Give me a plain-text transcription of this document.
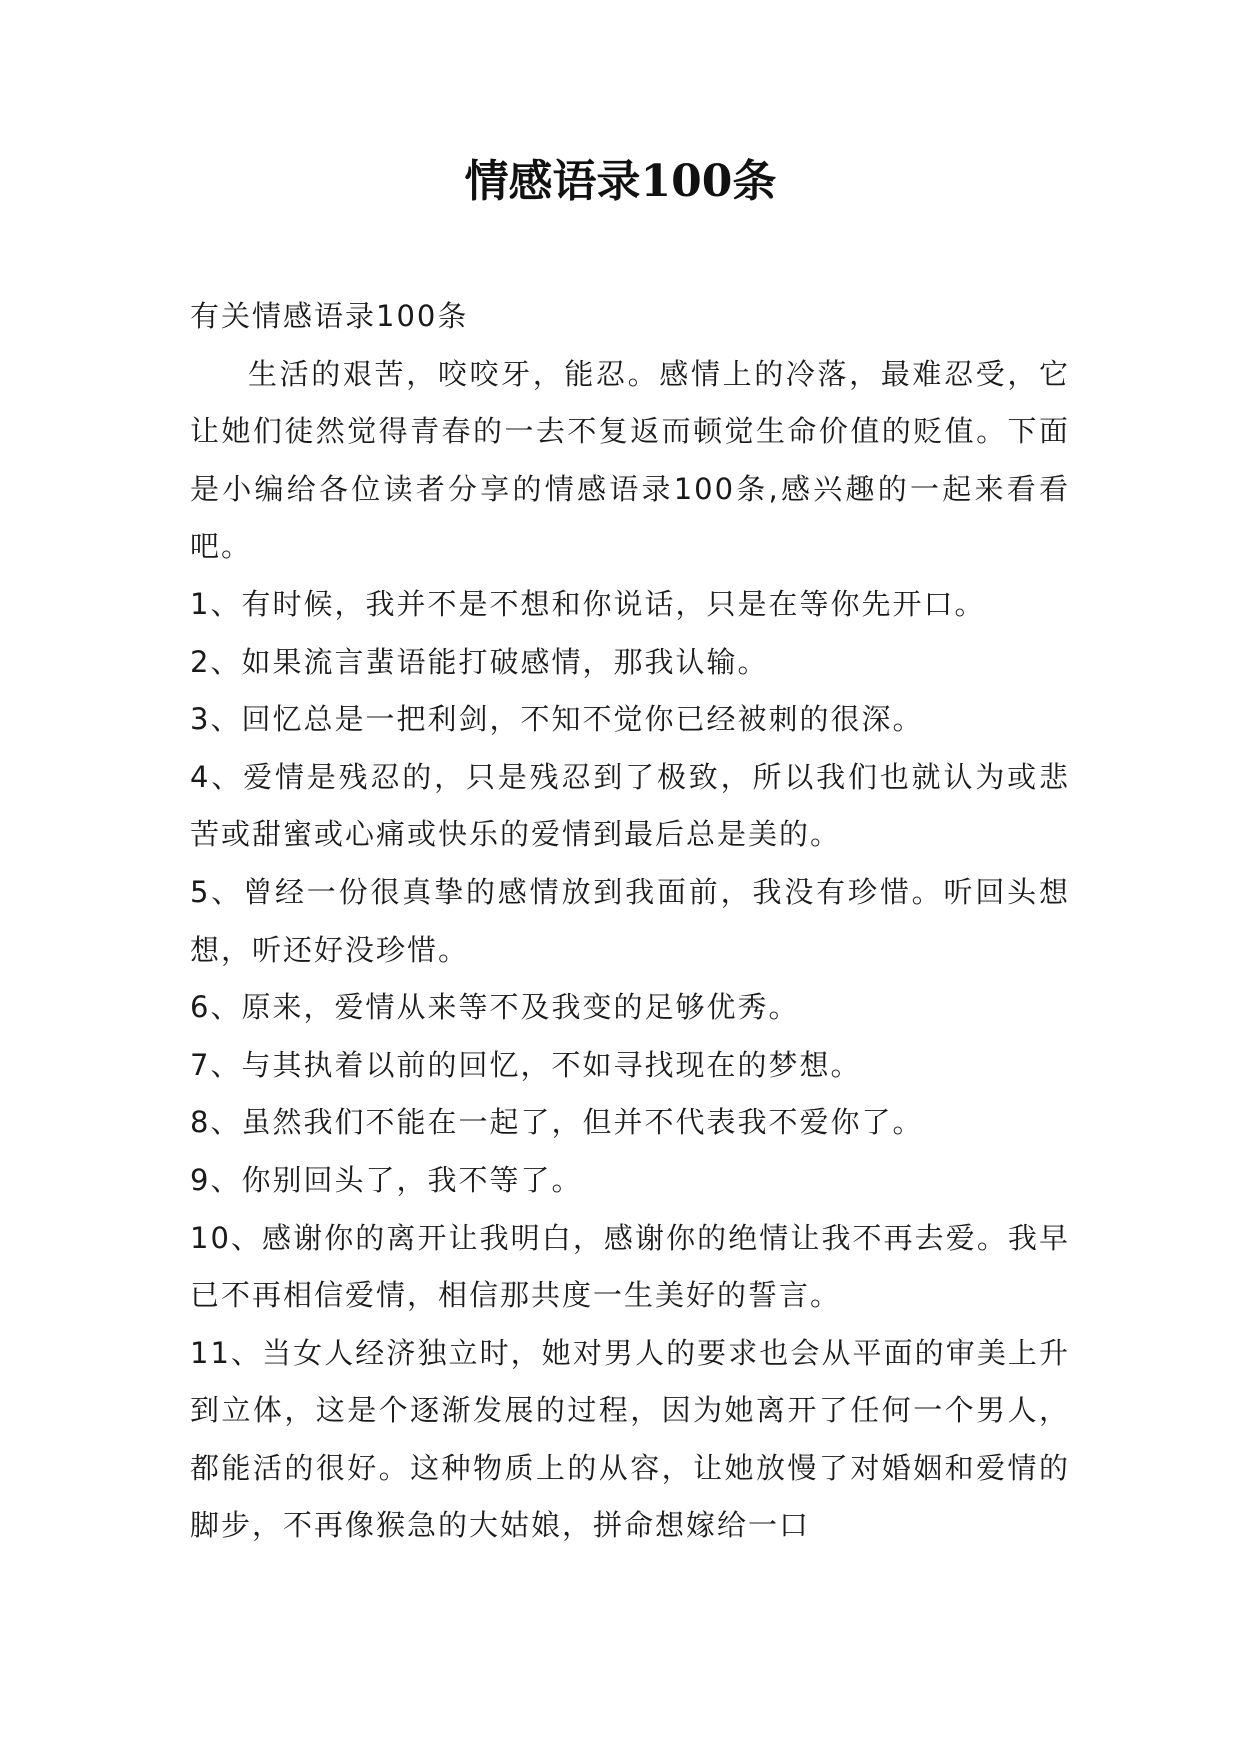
情感语录100条

有关情感语录100条

生活的艰苦，咬咬牙，能忍。感情上的冷落，最难忍受，它让她们徒然觉得青春的一去不复返而顿觉生命价值的贬值。下面是小编给各位读者分享的情感语录100条,感兴趣的一起来看看吧。

1、有时候，我并不是不想和你说话，只是在等你先开口。

2、如果流言蜚语能打破感情，那我认输。

3、回忆总是一把利剑，不知不觉你已经被刺的很深。

4、爱情是残忍的，只是残忍到了极致，所以我们也就认为或悲苦或甜蜜或心痛或快乐的爱情到最后总是美的。

5、曾经一份很真挚的感情放到我面前，我没有珍惜。听回头想想，听还好没珍惜。

6、原来，爱情从来等不及我变的足够优秀。

7、与其执着以前的回忆，不如寻找现在的梦想。

8、虽然我们不能在一起了，但并不代表我不爱你了。

9、你别回头了，我不等了。

10、感谢你的离开让我明白，感谢你的绝情让我不再去爱。我早已不再相信爱情，相信那共度一生美好的誓言。

11、当女人经济独立时，她对男人的要求也会从平面的审美上升到立体，这是个逐渐发展的过程，因为她离开了任何一个男人，都能活的很好。这种物质上的从容，让她放慢了对婚姻和爱情的脚步，不再像猴急的大姑娘，拼命想嫁给一口
